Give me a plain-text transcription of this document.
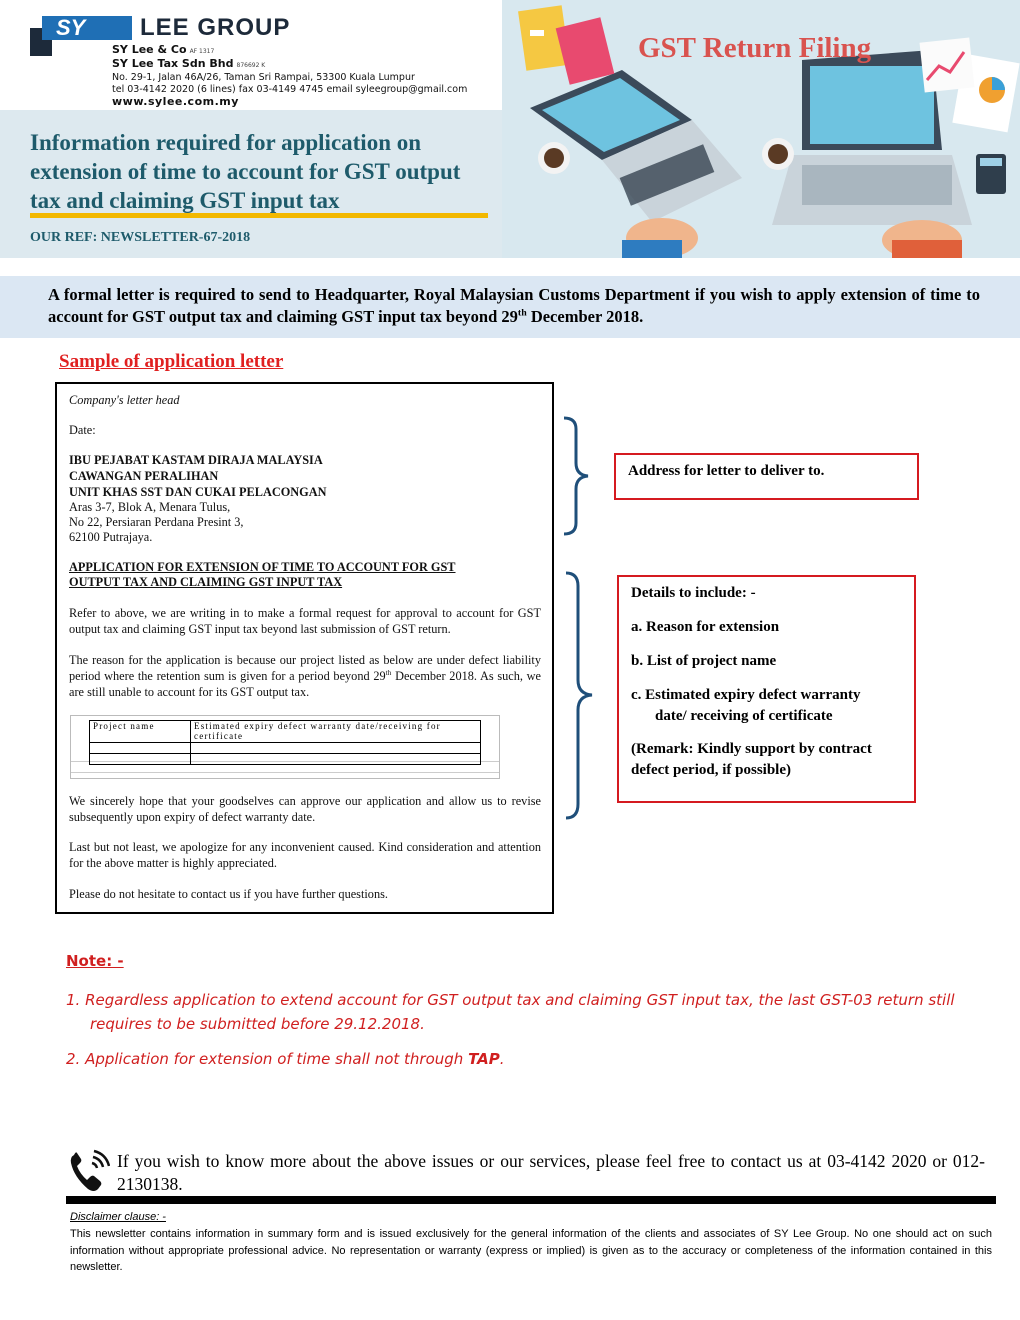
SY	LEE GROUP
SY Lee & Co AF 1317
SY Lee Tax Sdn Bhd 876692 K
No. 29-1, Jalan 46A/26, Taman Sri Rampai, 53300 Kuala Lumpur
tel 03-4142 2020 (6 lines) fax 03-4149 4745 email syleegroup@gmail.com
www.sylee.com.my
Information required for application on extension of time to account for GST output tax and claiming GST input tax
OUR REF: NEWSLETTER-67-2018
GST Return Filing
A formal letter is required to send to Headquarter, Royal Malaysian Customs Department if you wish to apply extension of time to account for GST output tax and claiming GST input tax beyond 29th December 2018.
Sample of application letter
Company's letter head
Date:
IBU PEJABAT KASTAM DIRAJA MALAYSIA
CAWANGAN PERALIHAN
UNIT KHAS SST DAN CUKAI PELACONGAN
Aras 3-7, Blok A, Menara Tulus,
No 22, Persiaran Perdana Presint 3,
62100 Putrajaya.
APPLICATION FOR EXTENSION OF TIME TO ACCOUNT FOR GST
OUTPUT TAX AND CLAIMING GST INPUT TAX
Refer to above, we are writing in to make a formal request for approval to account for GST output tax and claiming GST input tax beyond last submission of GST return.
The reason for the application is because our project listed as below are under defect liability period where the retention sum is given for a period beyond 29th December 2018. As such, we are still unable to account for its GST output tax.
Project name	Estimated expiry defect warranty date/receiving for certificate

We sincerely hope that your goodselves can approve our application and allow us to revise subsequently upon expiry of defect warranty date.
Last but not least, we apologize for any inconvenient caused. Kind consideration and attention for the above matter is highly appreciated.
Please do not hesitate to contact us if you have further questions.
Address for letter to deliver to.
Details to include: -
a. Reason for extension
b. List of project name
c. Estimated expiry defect warranty
date/ receiving of certificate
(Remark: Kindly support by contract
defect period, if possible)
Note: -
1. Regardless application to extend account for GST output tax and claiming GST input tax, the last GST-03 return still
requires to be submitted before 29.12.2018.
2. Application for extension of time shall not through TAP.
If you wish to know more about the above issues or our services, please feel free to contact us at 03-4142 2020 or 012-2130138.
Disclaimer clause: -
This newsletter contains information in summary form and is issued exclusively for the general information of the clients and associates of SY Lee Group. No one should act on such information without appropriate professional advice. No representation or warranty (express or implied) is given as to the accuracy or completeness of the information contained in this newsletter.
